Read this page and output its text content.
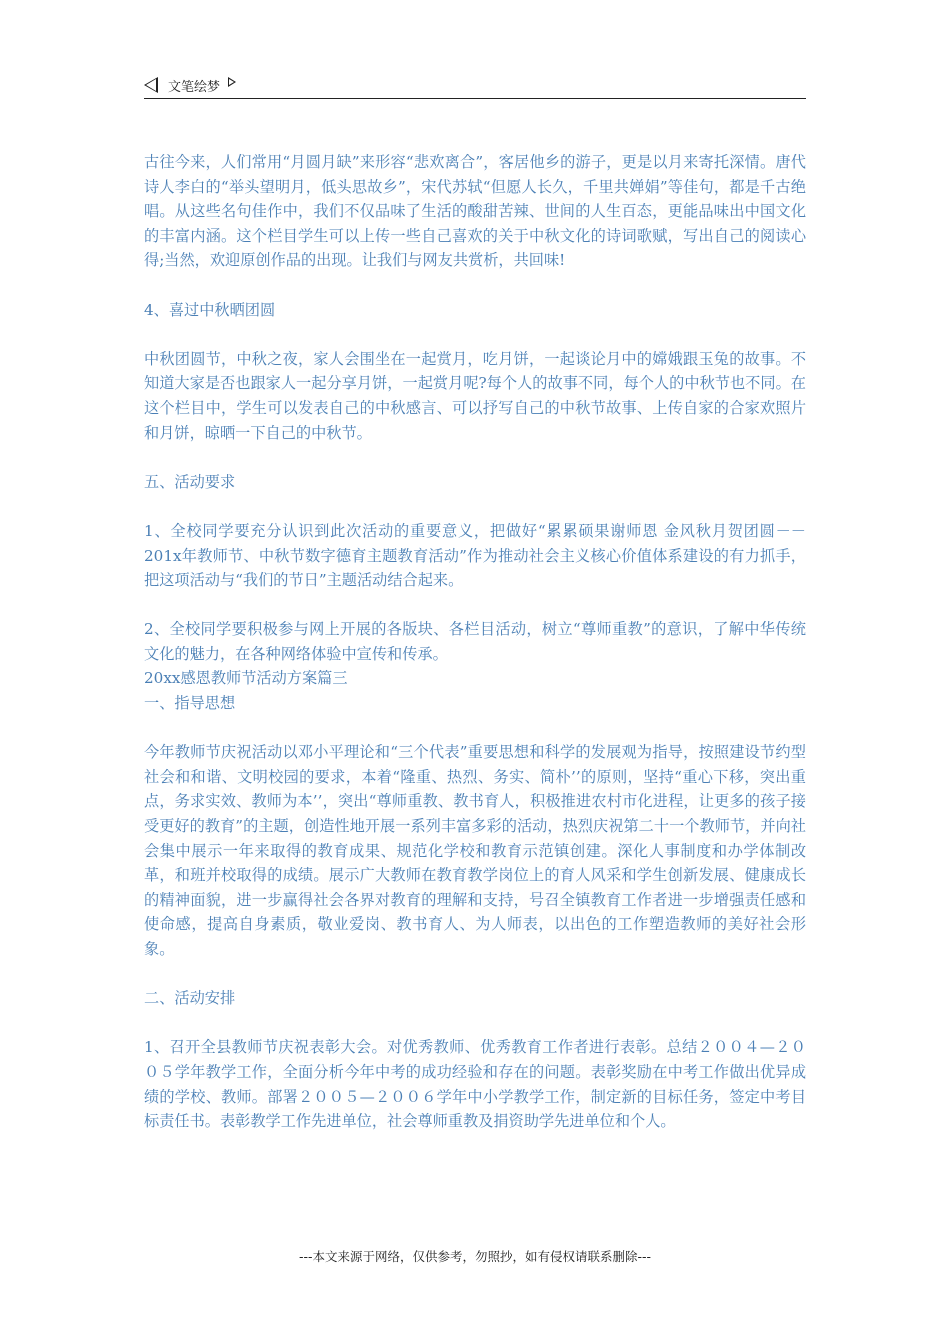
文笔绘梦

古往今来，人们常用“月圆月缺”来形容“悲欢离合”，客居他乡的游子，更是以月来寄托深情。唐代诗人李白的“举头望明月，低头思故乡”，宋代苏轼“但愿人长久，千里共婵娟”等佳句，都是千古绝唱。从这些名句佳作中，我们不仅品味了生活的酸甜苦辣、世间的人生百态，更能品味出中国文化的丰富内涵。这个栏目学生可以上传一些自己喜欢的关于中秋文化的诗词歌赋，写出自己的阅读心得;当然，欢迎原创作品的出现。让我们与网友共赏析，共回味!

4、喜过中秋晒团圆

中秋团圆节，中秋之夜，家人会围坐在一起赏月，吃月饼，一起谈论月中的嫦娥跟玉兔的故事。不知道大家是否也跟家人一起分享月饼，一起赏月呢?每个人的故事不同，每个人的中秋节也不同。在这个栏目中，学生可以发表自己的中秋感言、可以抒写自己的中秋节故事、上传自家的合家欢照片和月饼，晾晒一下自己的中秋节。

五、活动要求

1、全校同学要充分认识到此次活动的重要意义，把做好“累累硕果谢师恩 金风秋月贺团圆－－201x年教师节、中秋节数字德育主题教育活动”作为推动社会主义核心价值体系建设的有力抓手，把这项活动与“我们的节日”主题活动结合起来。

2、全校同学要积极参与网上开展的各版块、各栏目活动，树立“尊师重教”的意识，了解中华传统文化的魅力，在各种网络体验中宣传和传承。

20xx感恩教师节活动方案篇三

一、指导思想

今年教师节庆祝活动以邓小平理论和“三个代表”重要思想和科学的发展观为指导，按照建设节约型社会和和谐、文明校园的要求，本着“隆重、热烈、务实、简朴’’的原则，坚持“重心下移，突出重点，务求实效、教师为本’’，突出“尊师重教、教书育人，积极推进农村市化进程，让更多的孩子接受更好的教育”的主题，创造性地开展一系列丰富多彩的活动，热烈庆祝第二十一个教师节，并向社会集中展示一年来取得的教育成果、规范化学校和教育示范镇创建。深化人事制度和办学体制改革，和班并校取得的成绩。展示广大教师在教育教学岗位上的育人风采和学生创新发展、健康成长的精神面貌，进一步赢得社会各界对教育的理解和支持，号召全镇教育工作者进一步增强责任感和使命感，提高自身素质，敬业爱岗、教书育人、为人师表，以出色的工作塑造教师的美好社会形象。

二、活动安排

1、召开全县教师节庆祝表彰大会。对优秀教师、优秀教育工作者进行表彰。总结２００４—２００５学年教学工作，全面分析今年中考的成功经验和存在的问题。表彰奖励在中考工作做出优异成绩的学校、教师。部署２００５—２００６学年中小学教学工作，制定新的目标任务，签定中考目标责任书。表彰教学工作先进单位，社会尊师重教及捐资助学先进单位和个人。

---本文来源于网络，仅供参考，勿照抄，如有侵权请联系删除---
